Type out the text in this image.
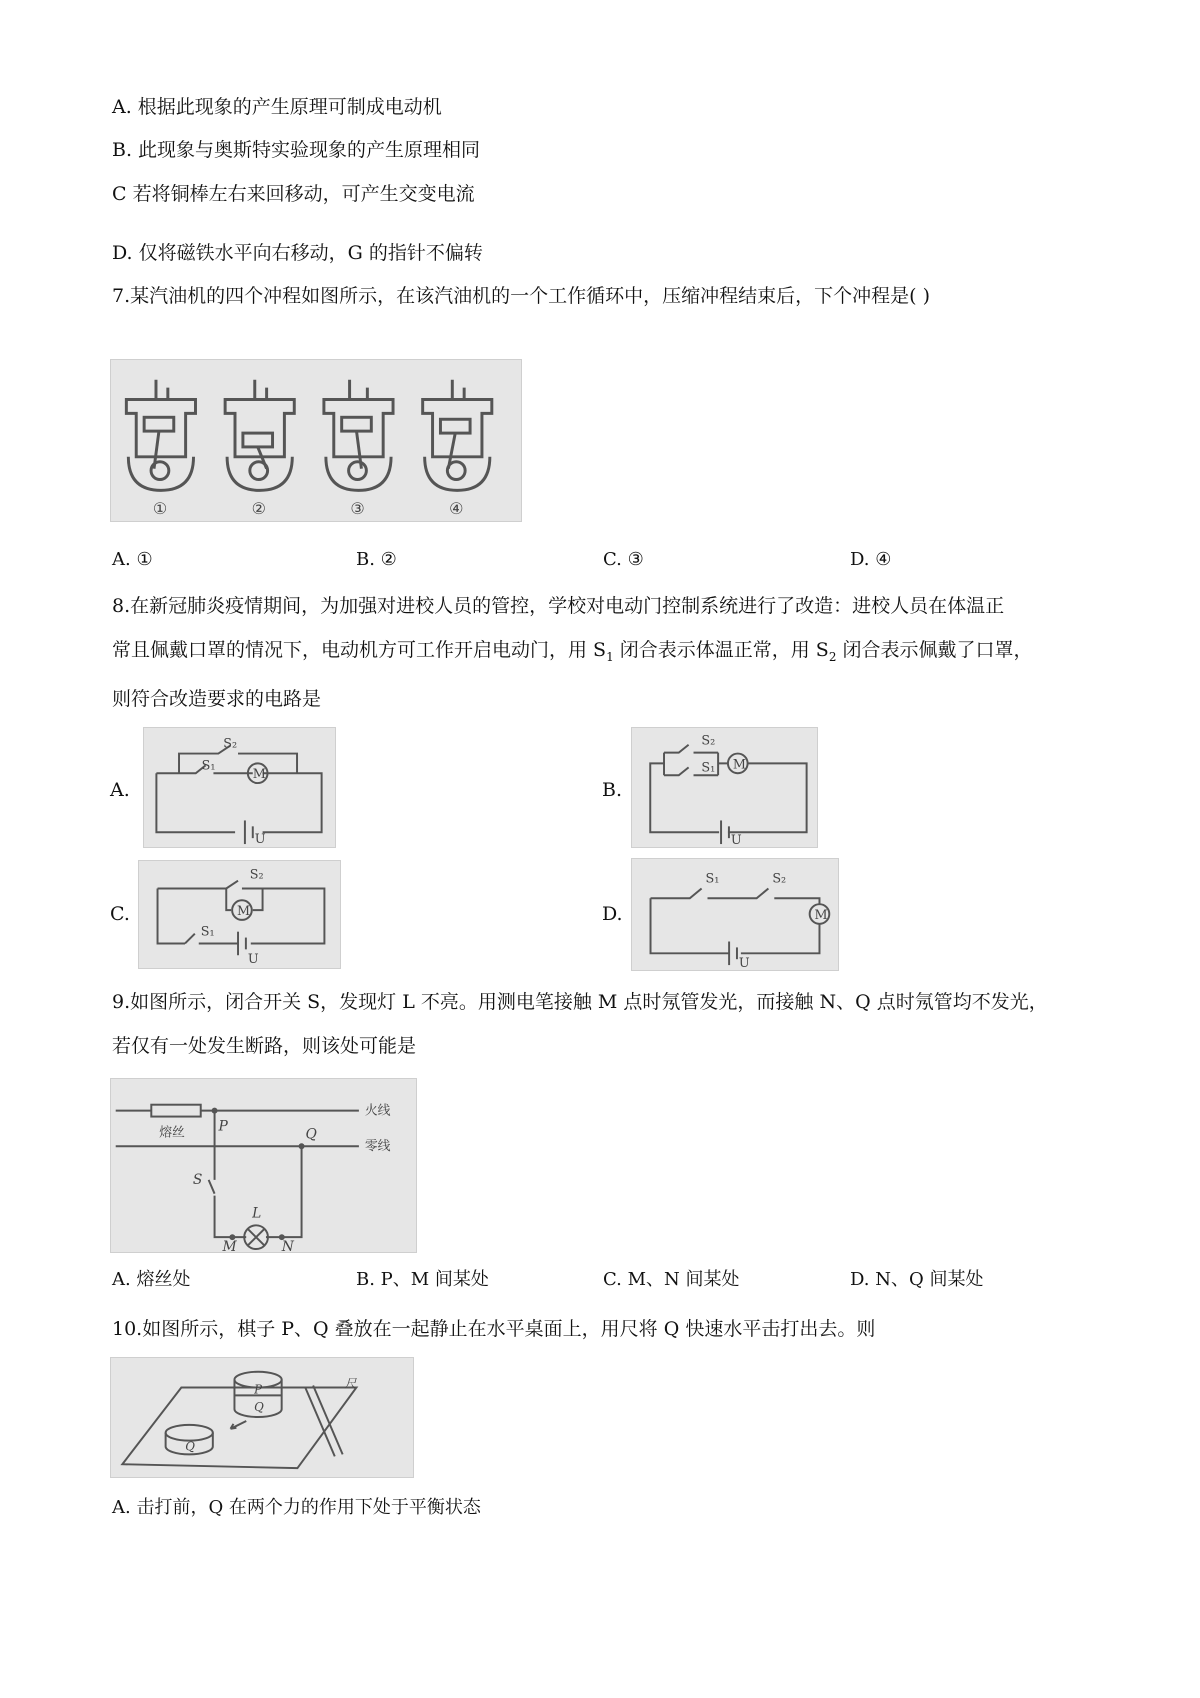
A. 根据此现象的产生原理可制成电动机
B. 此现象与奥斯特实验现象的产生原理相同
C 若将铜棒左右来回移动，可产生交变电流
D. 仅将磁铁水平向右移动，G 的指针不偏转
7.某汽油机的四个冲程如图所示，在该汽油机的一个工作循环中，压缩冲程结束后，下个冲程是( )
①	②	③	④
A. ①	B. ②	C. ③	D. ④
8.在新冠肺炎疫情期间，为加强对进校人员的管控，学校对电动门控制系统进行了改造：进校人员在体温正
常且佩戴口罩的情况下，电动机方可工作开启电动门，用 $S_1$ 闭合表示体温正常，用 $S_2$ 闭合表示佩戴了口罩，
则符合改造要求的电路是
A.
S₂
S₁
M
U
B.
S₂
S₁ M
U
C.
S₂
S₁
M
U
D.
S₁	S₂
M
U
9.如图所示，闭合开关 S，发现灯 L 不亮。用测电笔接触 M 点时氖管发光，而接触 N、Q 点时氖管均不发光，
若仅有一处发生断路，则该处可能是
火线
零线
熔丝 P	Q
S
L
M	N
A. 熔丝处	B. P、M 间某处	C. M、N 间某处	D. N、Q 间某处
10.如图所示，棋子 P、Q 叠放在一起静止在水平桌面上，用尺将 Q 快速水平击打出去。则
P
Q
Q
尺
A. 击打前，Q 在两个力的作用下处于平衡状态
